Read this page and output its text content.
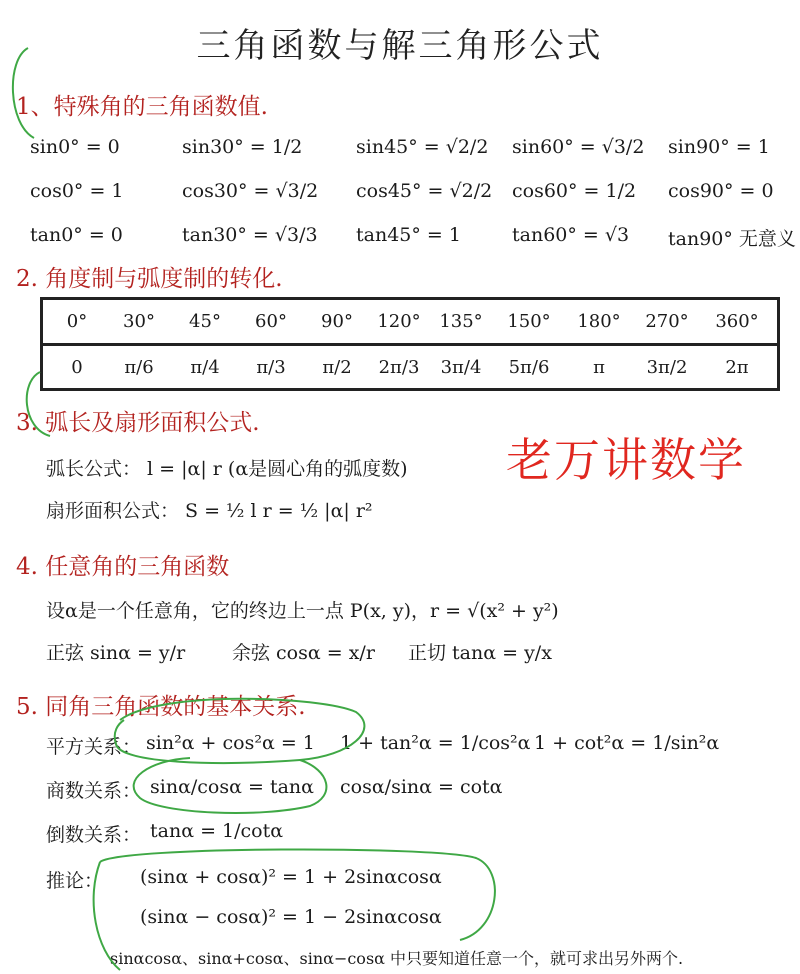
三角函数与解三角形公式
1、特殊角的三角函数值.
sin0° = 0	sin30° = 1/2	sin45° = √2/2 sin60° = √3/2 sin90° = 1
cos0° = 1	cos30° = √3/2 cos45° = √2/2 cos60° = 1/2 cos90° = 0
tan0° = 0	tan30° = √3/3 tan45° = 1	tan60° = √3 tan90° 无意义
2. 角度制与弧度制的转化.
0°	30°	45°	60°	90°	120°	135°	150°	180°	270°	360°
0	π/6	π/4	π/3	π/2	2π/3	3π/4	5π/6	π	3π/2	2π
3. 弧长及扇形面积公式.
弧长公式： l = |α| r (α是圆心角的弧度数)
扇形面积公式： S = ½ l r = ½ |α| r²
老万讲数学
4. 任意角的三角函数
设α是一个任意角，它的终边上一点 P(x, y)，r = √(x² + y²)
正弦 sinα = y/r 余弦 cosα = x/r 正切 tanα = y/x
5. 同角三角函数的基本关系.
平方关系： sin²α + cos²α = 1 1 + tan²α = 1/cos²α 1 + cot²α = 1/sin²α
商数关系： sinα/cosα = tanα cosα/sinα = cotα
倒数关系： tanα = 1/cotα
推论： (sinα + cosα)² = 1 + 2sinαcosα
(sinα − cosα)² = 1 − 2sinαcosα
sinαcosα、sinα+cosα、sinα−cosα 中只要知道任意一个，就可求出另外两个.
